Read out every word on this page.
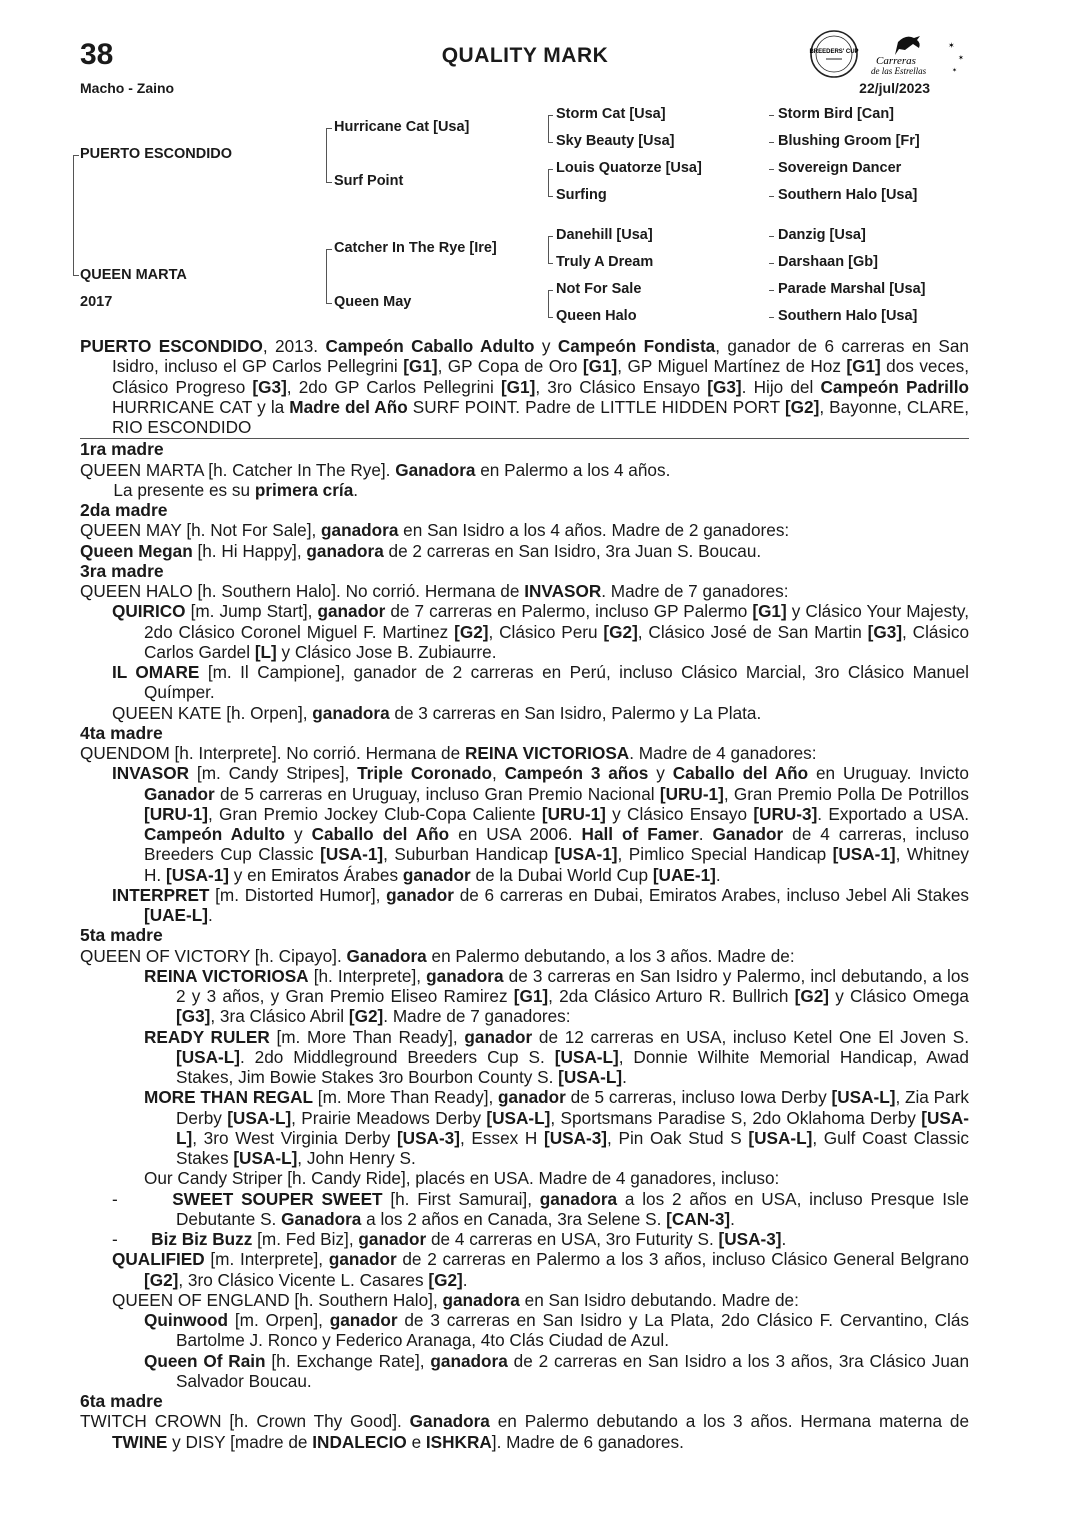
38	QUALITY MARK
Macho - Zaino	22/jul/2023
BREEDERS' CUP
Carreras
de las Estrellas
✶
✶
✶
PUERTO ESCONDIDO
QUEEN MARTA
2017
Hurricane Cat [Usa]
Surf Point
Catcher In The Rye [Ire]
Queen May
Storm Cat [Usa]
Sky Beauty [Usa]
Louis Quatorze [Usa]
Surfing
Danehill [Usa]
Truly A Dream
Not For Sale
Queen Halo
Storm Bird [Can]
Blushing Groom [Fr]
Sovereign Dancer
Southern Halo [Usa]
Danzig [Usa]
Darshaan [Gb]
Parade Marshal [Usa]
Southern Halo [Usa]

PUERTO ESCONDIDO, 2013. Campeón Caballo Adulto y Campeón Fondista, ganador de 6 carreras en San Isidro, incluso el GP Carlos Pellegrini [G1], GP Copa de Oro [G1], GP Miguel Martínez de Hoz [G1] dos veces, Clásico Progreso [G3], 2do GP Carlos Pellegrini [G1], 3ro Clásico Ensayo [G3]. Hijo del Campeón Padrillo HURRICANE CAT y la Madre del Año SURF POINT. Padre de LITTLE HIDDEN PORT [G2], Bayonne, CLARE, RIO ESCONDIDO

1ra madre

QUEEN MARTA [h. Catcher In The Rye]. Ganadora en Palermo a los 4 años.

La presente es su primera cría.

2da madre

QUEEN MAY [h. Not For Sale], ganadora en San Isidro a los 4 años. Madre de 2 ganadores:

Queen Megan [h. Hi Happy], ganadora de 2 carreras en San Isidro, 3ra Juan S. Boucau.

3ra madre

QUEEN HALO [h. Southern Halo]. No corrió. Hermana de INVASOR. Madre de 7 ganadores:

QUIRICO [m. Jump Start], ganador de 7 carreras en Palermo, incluso GP Palermo [G1] y Clásico Your Majesty, 2do Clásico Coronel Miguel F. Martinez [G2], Clásico Peru [G2], Clásico José de San Martin [G3], Clásico Carlos Gardel [L] y Clásico Jose B. Zubiaurre.

IL OMARE [m. Il Campione], ganador de 2 carreras en Perú, incluso Clásico Marcial, 3ro Clásico Manuel Químper.

QUEEN KATE [h. Orpen], ganadora de 3 carreras en San Isidro, Palermo y La Plata.

4ta madre

QUENDOM [h. Interprete]. No corrió. Hermana de REINA VICTORIOSA. Madre de 4 ganadores:

INVASOR [m. Candy Stripes], Triple Coronado, Campeón 3 años y Caballo del Año en Uruguay. Invicto Ganador de 5 carreras en Uruguay, incluso Gran Premio Nacional [URU-1], Gran Premio Polla De Potrillos [URU-1], Gran Premio Jockey Club-Copa Caliente [URU-1] y Clásico Ensayo [URU-3]. Exportado a USA. Campeón Adulto y Caballo del Año en USA 2006. Hall of Famer. Ganador de 4 carreras, incluso Breeders Cup Classic [USA-1], Suburban Handicap [USA-1], Pimlico Special Handicap [USA-1], Whitney H. [USA-1] y en Emiratos Árabes ganador de la Dubai World Cup [UAE-1].

INTERPRET [m. Distorted Humor], ganador de 6 carreras en Dubai, Emiratos Arabes, incluso Jebel Ali Stakes [UAE-L].

5ta madre

QUEEN OF VICTORY [h. Cipayo]. Ganadora en Palermo debutando, a los 3 años. Madre de:

REINA VICTORIOSA [h. Interprete], ganadora de 3 carreras en San Isidro y Palermo, incl debutando, a los 2 y 3 años, y Gran Premio Eliseo Ramirez [G1], 2da Clásico Arturo R. Bullrich [G2] y Clásico Omega [G3], 3ra Clásico Abril [G2]. Madre de 7 ganadores:

READY RULER [m. More Than Ready], ganador de 12 carreras en USA, incluso Ketel One El Joven S. [USA-L]. 2do Middleground Breeders Cup S. [USA-L], Donnie Wilhite Memorial Handicap, Awad Stakes, Jim Bowie Stakes 3ro Bourbon County S. [USA-L].

MORE THAN REGAL [m. More Than Ready], ganador de 5 carreras, incluso Iowa Derby [USA-L], Zia Park Derby [USA-L], Prairie Meadows Derby [USA-L], Sportsmans Paradise S, 2do Oklahoma Derby [USA-L], 3ro West Virginia Derby [USA-3], Essex H [USA-3], Pin Oak Stud S [USA-L], Gulf Coast Classic Stakes [USA-L], John Henry S.

Our Candy Striper [h. Candy Ride], placés en USA. Madre de 4 ganadores, incluso:

-       SWEET SOUPER SWEET [h. First Samurai], ganadora a los 2 años en USA, incluso Presque Isle Debutante S. Ganadora a los 2 años en Canada, 3ra Selene S. [CAN-3].

-       Biz Biz Buzz [m. Fed Biz], ganador de 4 carreras en USA, 3ro Futurity S. [USA-3].

QUALIFIED [m. Interprete], ganador de 2 carreras en Palermo a los 3 años, incluso Clásico General Belgrano [G2], 3ro Clásico Vicente L. Casares [G2].

QUEEN OF ENGLAND [h. Southern Halo], ganadora en San Isidro debutando. Madre de:

Quinwood [m. Orpen], ganador de 3 carreras en San Isidro y La Plata, 2do Clásico F. Cervantino, Clás Bartolme J. Ronco y Federico Aranaga, 4to Clás Ciudad de Azul.

Queen Of Rain [h. Exchange Rate], ganadora de 2 carreras en San Isidro a los 3 años, 3ra Clásico Juan Salvador Boucau.

6ta madre

TWITCH CROWN [h. Crown Thy Good]. Ganadora en Palermo debutando a los 3 años. Hermana materna de TWINE y DISY [madre de INDALECIO e ISHKRA]. Madre de 6 ganadores.
